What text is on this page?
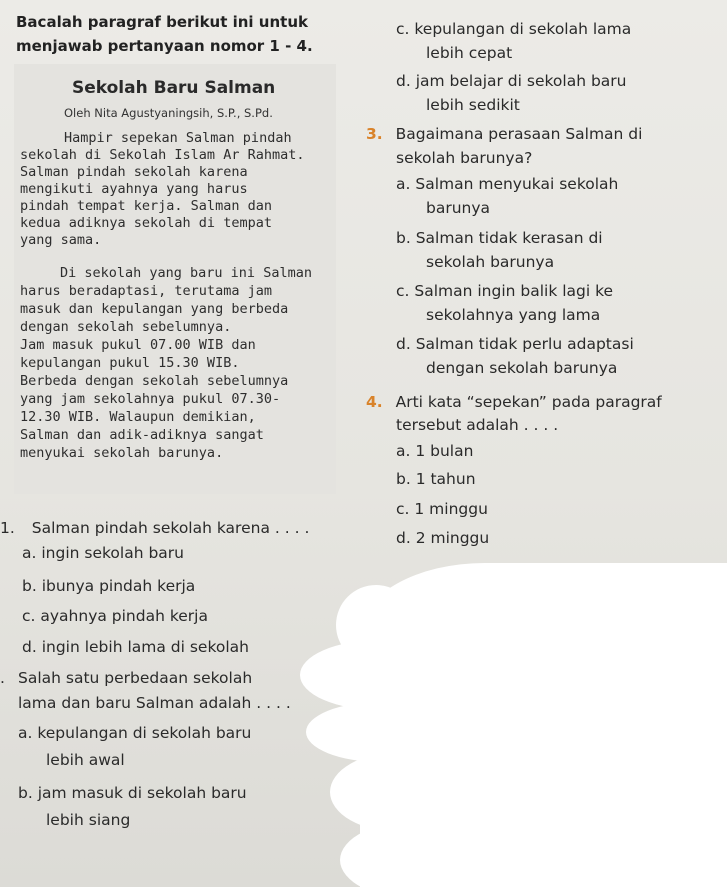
Bacalah paragraf berikut ini untuk
menjawab pertanyaan nomor 1 - 4.
Sekolah Baru Salman
Oleh Nita Agustyaningsih, S.P., S.Pd.
Hampir sepekan Salman pindah
sekolah di Sekolah Islam Ar Rahmat.
Salman pindah sekolah karena
mengikuti ayahnya yang harus
pindah tempat kerja. Salman dan
kedua adiknya sekolah di tempat
yang sama.
Di sekolah yang baru ini Salman
harus beradaptasi, terutama jam
masuk dan kepulangan yang berbeda
dengan sekolah sebelumnya.
Jam masuk pukul 07.00 WIB dan
kepulangan pukul 15.30 WIB.
Berbeda dengan sekolah sebelumnya
yang jam sekolahnya pukul 07.30-
12.30 WIB. Walaupun demikian,
Salman dan adik-adiknya sangat
menyukai sekolah barunya.
1. Salman pindah sekolah karena . . . .
a. ingin sekolah baru
b. ibunya pindah kerja
c. ayahnya pindah kerja
d. ingin lebih lama di sekolah
. Salah satu perbedaan sekolah
lama dan baru Salman adalah . . . .
a. kepulangan di sekolah baru
lebih awal
b. jam masuk di sekolah baru
lebih siang
c. kepulangan di sekolah lama
lebih cepat
d. jam belajar di sekolah baru
lebih sedikit
3. Bagaimana perasaan Salman di
sekolah barunya?
a. Salman menyukai sekolah
barunya
b. Salman tidak kerasan di
sekolah barunya
c. Salman ingin balik lagi ke
sekolahnya yang lama
d. Salman tidak perlu adaptasi
dengan sekolah barunya
4. Arti kata “sepekan” pada paragraf
tersebut adalah . . . .
a. 1 bulan
b. 1 tahun
c. 1 minggu
d. 2 minggu
